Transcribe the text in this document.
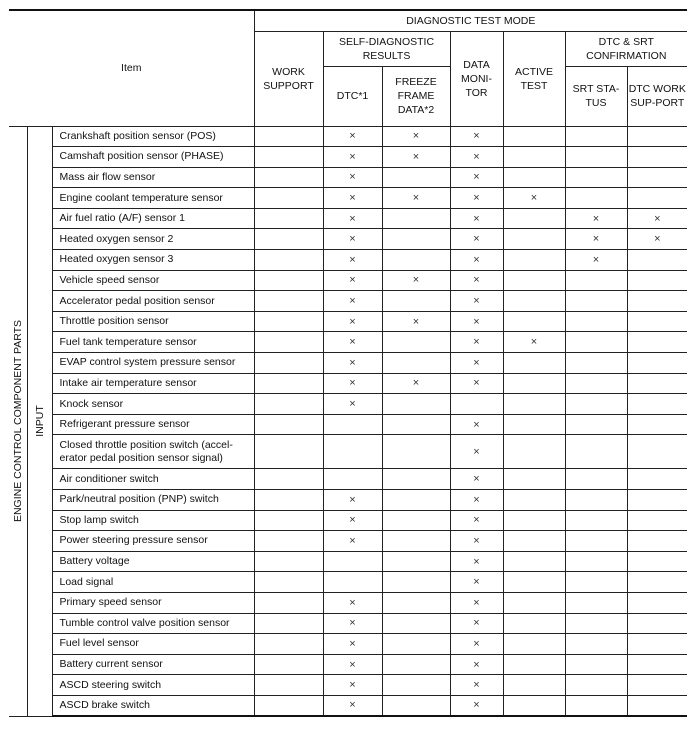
Item			DIAGNOSTIC TEST MODE						
			WORK SUPPORT	SELF-DIAGNOSTIC RESULTS		DATA MONI-TOR	ACTIVE TEST	DTC & SRT CONFIRMATION	
				DTC*1	FREEZE FRAME DATA*2			SRT STA-TUS	DTC WORK SUP-PORT

ENGINE CONTROL COMPONENT PARTS	INPUT	Crankshaft position sensor (POS)		×	×	×			
		Camshaft position sensor (PHASE)		×	×	×			
		Mass air flow sensor		×		×			
		Engine coolant temperature sensor		×	×	×	×		
		Air fuel ratio (A/F) sensor 1		×		×		×	×
		Heated oxygen sensor 2		×		×		×	×
		Heated oxygen sensor 3		×		×		×	
		Vehicle speed sensor		×	×	×			
		Accelerator pedal position sensor		×		×			
		Throttle position sensor		×	×	×			
		Fuel tank temperature sensor		×		×	×		
		EVAP control system pressure sensor		×		×			
		Intake air temperature sensor		×	×	×			
		Knock sensor		×					
		Refrigerant pressure sensor				×			
		Closed throttle position switch (accel-erator pedal position sensor signal)				×			
		Air conditioner switch				×			
		Park/neutral position (PNP) switch		×		×			
		Stop lamp switch		×		×			
		Power steering pressure sensor		×		×			
		Battery voltage				×			
		Load signal				×			
		Primary speed sensor		×		×			
		Tumble control valve position sensor		×		×			
		Fuel level sensor		×		×			
		Battery current sensor		×		×			
		ASCD steering switch		×		×			
		ASCD brake switch		×		×			
